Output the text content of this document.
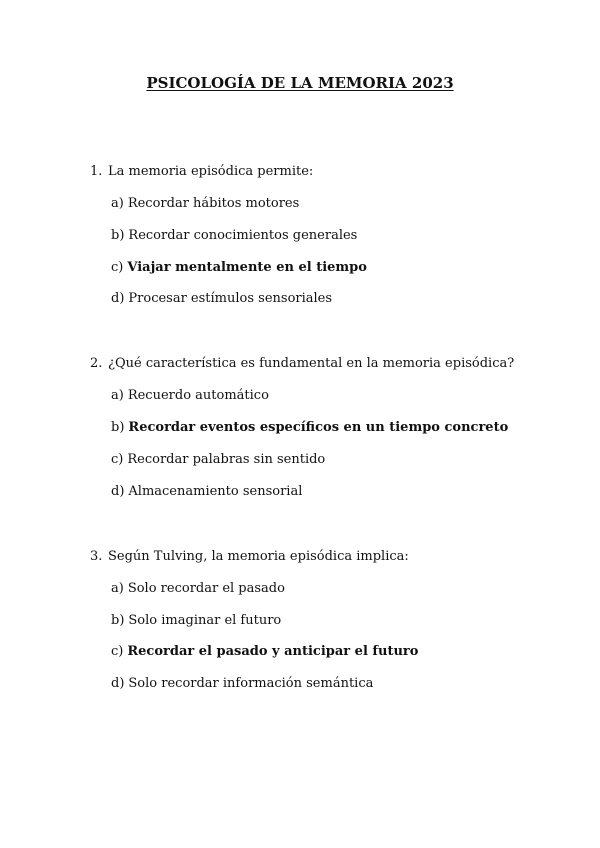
PSICOLOGÍA DE LA MEMORIA 2023
1. La memoria episódica permite:
a) Recordar hábitos motores
b) Recordar conocimientos generales
c) Viajar mentalmente en el tiempo
d) Procesar estímulos sensoriales
2. ¿Qué característica es fundamental en la memoria episódica?
a) Recuerdo automático
b) Recordar eventos específicos en un tiempo concreto
c) Recordar palabras sin sentido
d) Almacenamiento sensorial
3. Según Tulving, la memoria episódica implica:
a) Solo recordar el pasado
b) Solo imaginar el futuro
c) Recordar el pasado y anticipar el futuro
d) Solo recordar información semántica
